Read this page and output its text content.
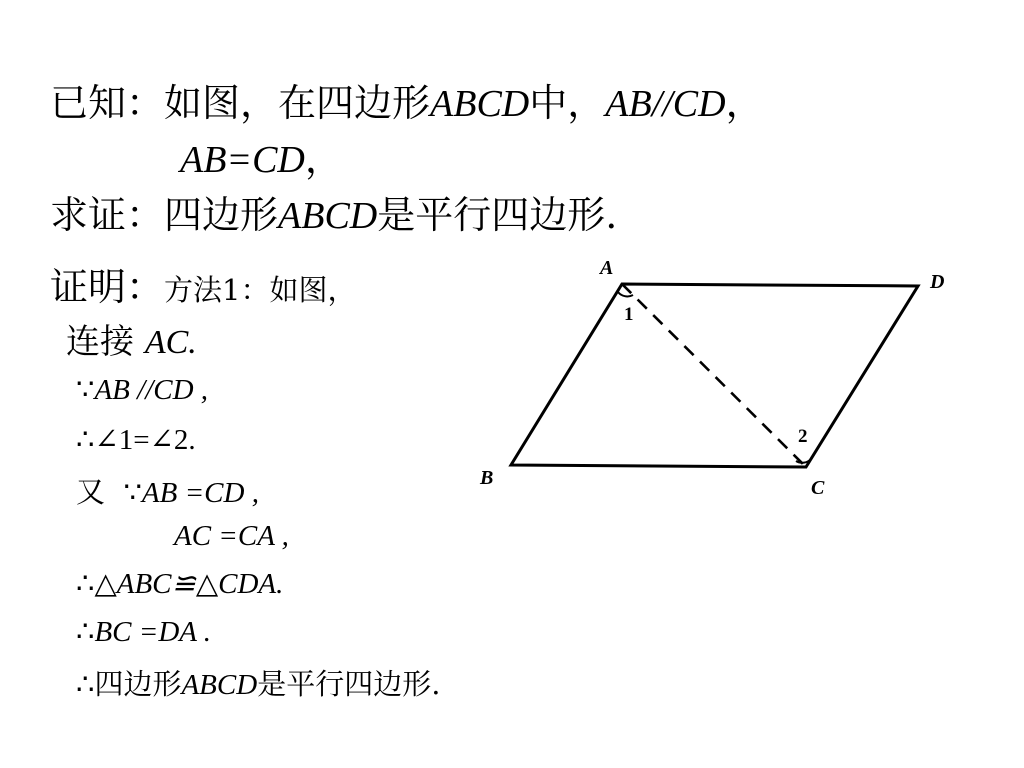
已知：如图，在四边形ABCD中，AB//CD，
AB=CD，
求证：四边形ABCD是平行四边形.
证明：方法1：如图，
连接 AC.
∵AB //CD ,
∴∠1=∠2.
又 ∵AB =CD ,
AC =CA ,
∴△ABC≌△CDA.
∴BC =DA .
∴四边形ABCD是平行四边形.
A
D
B	C
1
2
